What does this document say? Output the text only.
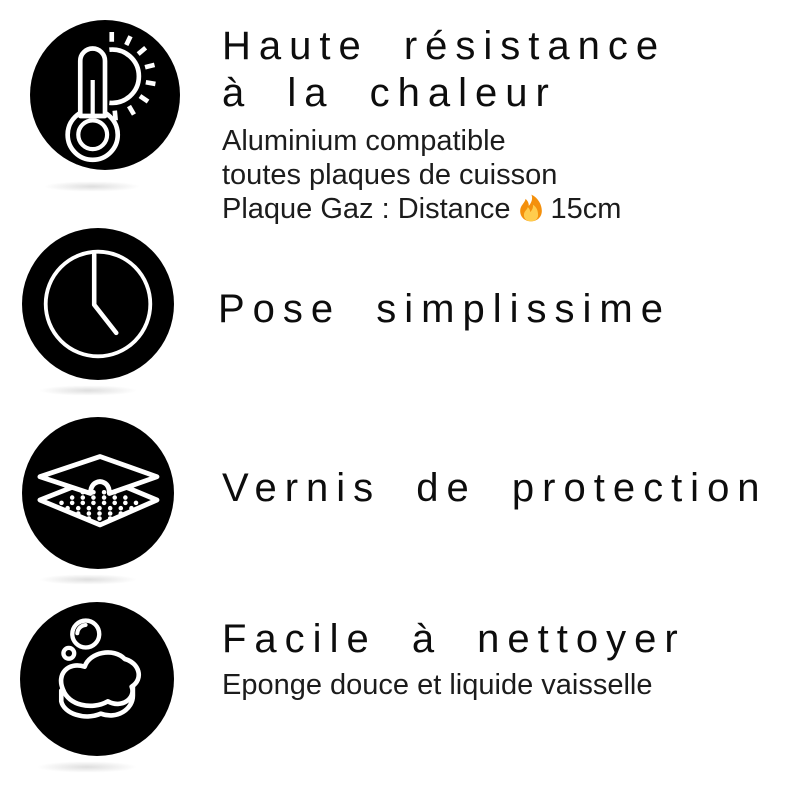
Haute résistance
à la chaleur
Aluminium compatible
toutes plaques de cuisson
Plaque Gaz : Distance 15cm
Pose simplissime
Vernis de protection
Facile à nettoyer
Eponge douce et liquide vaisselle
